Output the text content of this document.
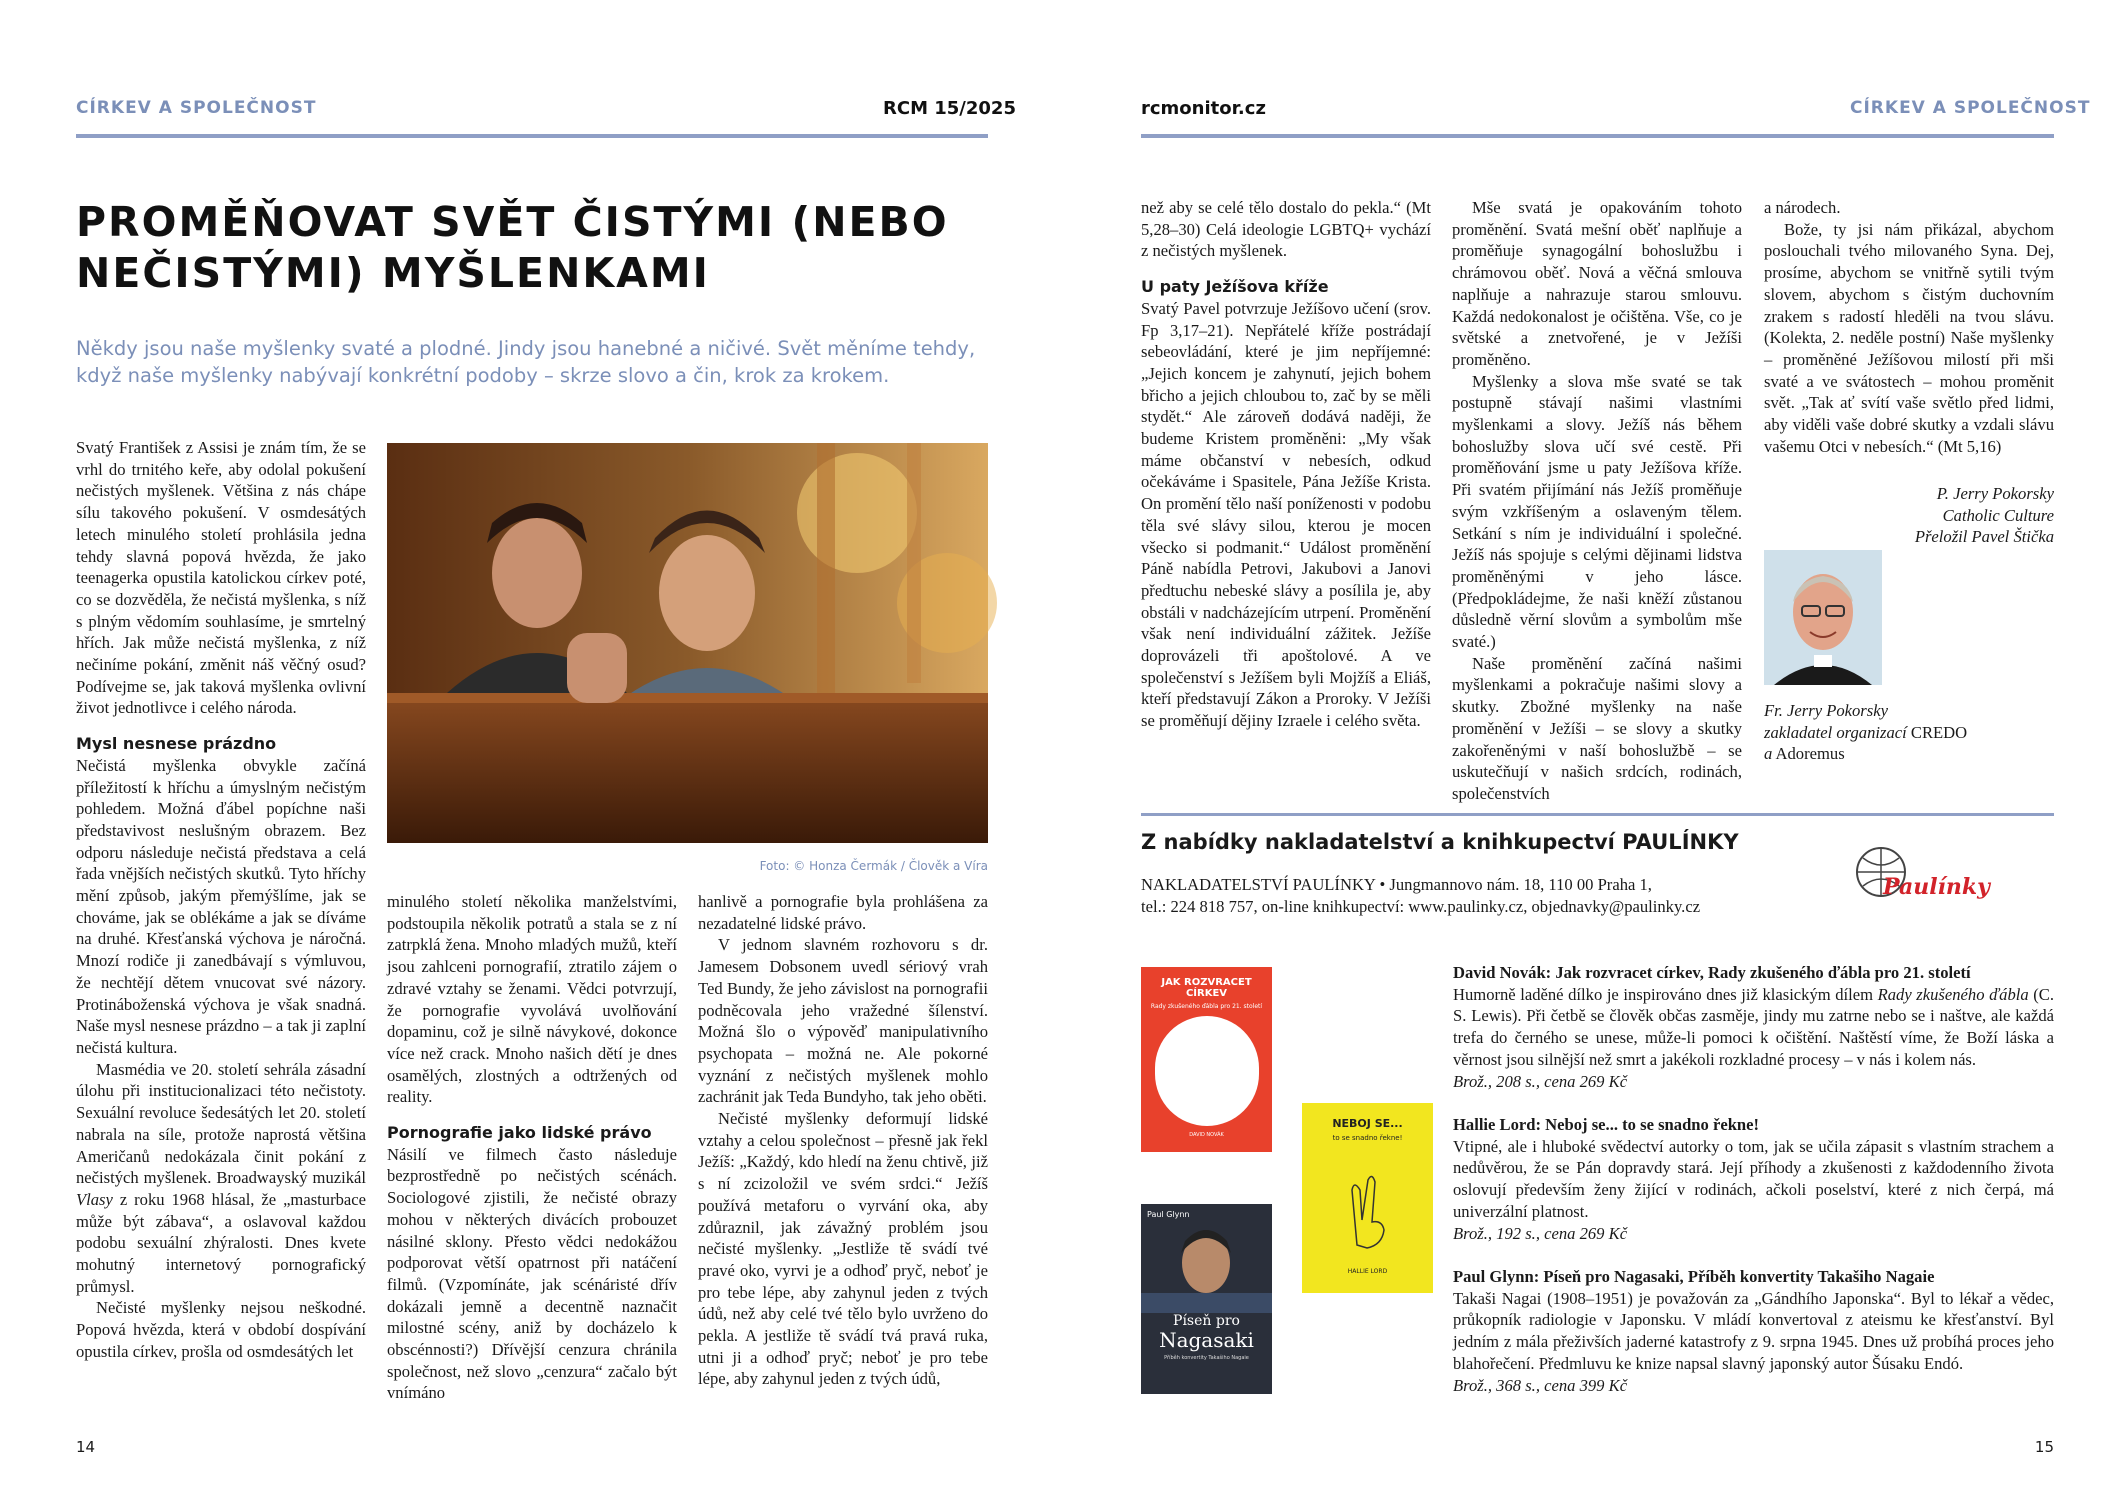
CÍRKEV A SPOLEČNOST	RCM 15/2025	rcmonitor.cz	CÍRKEV A SPOLEČNOST
PROMĚŇOVAT SVĚT ČISTÝMI (NEBO
NEČISTÝMI) MYŠLENKAMI
Někdy jsou naše myšlenky svaté a plodné. Jindy jsou hanebné a ničivé. Svět měníme tehdy, když naše myšlenky nabývají konkrétní podoby – skrze slovo a čin, krok za krokem.

Svatý František z Assisi je znám tím, že se vrhl do trnitého keře, aby odolal pokušení nečistých myšlenek. Většina z nás chápe sílu takového pokušení. V osmdesátých letech minulého století prohlásila jedna tehdy slavná popová hvězda, že jako teenagerka opustila katolickou církev poté, co se dozvěděla, že nečistá myšlenka, s níž s plným vědomím souhlasíme, je smrtelný hřích. Jak může nečistá myšlenka, z níž nečiníme pokání, změnit náš věčný osud? Podívejme se, jak taková myšlenka ovlivní život jednotlivce i celého národa.

Mysl nesnese prázdno

Nečistá myšlenka obvykle začíná příležitostí k hříchu a úmyslným nečistým pohledem. Možná ďábel popíchne naši představivost neslušným obrazem. Bez odporu následuje nečistá představa a celá řada vnějších nečistých skutků. Tyto hříchy mění způsob, jakým přemýšlíme, jak se chováme, jak se oblékáme a jak se díváme na druhé. Křesťanská výchova je náročná. Mnozí rodiče ji zanedbávají s výmluvou, že nechtějí dětem vnucovat své názory. Protináboženská výchova je však snadná. Naše mysl nesnese prázdno – a tak ji zaplní nečistá kultura.

Masmédia ve 20. století sehrála zásadní úlohu při institucionalizaci této nečistoty. Sexuální revoluce šedesátých let 20. století nabrala na síle, protože naprostá většina Američanů nedokázala činit pokání z nečistých myšlenek. Broadwayský muzikál Vlasy z roku 1968 hlásal, že „masturbace může být zábava“, a oslavoval každou podobu sexuální zhýralosti. Dnes kvete mohutný internetový pornografický průmysl.

Nečisté myšlenky nejsou neškodné. Popová hvězda, která v období dospívání opustila církev, prošla od osmdesátých let

Foto: © Honza Čermák / Člověk a Víra

minulého století několika manželstvími, podstoupila několik potratů a stala se z ní zatrpklá žena. Mnoho mladých mužů, kteří jsou zahlceni pornografií, ztratilo zájem o zdravé vztahy se ženami. Vědci potvrzují, že pornografie vyvolává uvolňování dopaminu, což je silně návykové, dokonce více než crack. Mnoho našich dětí je dnes osamělých, zlostných a odtržených od reality.

Pornografie jako lidské právo

Násilí ve filmech často následuje bezprostředně po nečistých scénách. Sociologové zjistili, že nečisté obrazy mohou v některých divácích probouzet násilné sklony. Přesto vědci nedokážou podporovat větší opatrnost při natáčení filmů. (Vzpomínáte, jak scénáristé dřív dokázali jemně a decentně naznačit milostné scény, aniž by docházelo k obscénnosti?) Dřívější cenzura chránila společnost, než slovo „cenzura“ začalo být vnímáno

hanlivě a pornografie byla prohlášena za nezadatelné lidské právo.

V jednom slavném rozhovoru s dr. Jamesem Dobsonem uvedl sériový vrah Ted Bundy, že jeho závislost na pornografii podněcovala jeho vražedné šílenství. Možná šlo o výpověď manipulativního psychopata – možná ne. Ale pokorné vyznání z nečistých myšlenek mohlo zachránit jak Teda Bundyho, tak jeho oběti.

Nečisté myšlenky deformují lidské vztahy a celou společnost – přesně jak řekl Ježíš: „Každý, kdo hledí na ženu chtivě, již s ní zcizoložil ve svém srdci.“ Ježíš používá metaforu o vyrvání oka, aby zdůraznil, jak závažný problém jsou nečisté myšlenky. „Jestliže tě svádí tvé pravé oko, vyrvi je a odhoď pryč, neboť je pro tebe lépe, aby zahynul jeden z tvých údů, než aby celé tvé tělo bylo uvrženo do pekla. A jestliže tě svádí tvá pravá ruka, utni ji a odhoď pryč; neboť je pro tebe lépe, aby zahynul jeden z tvých údů,

než aby se celé tělo dostalo do pekla.“ (Mt 5,28–30) Celá ideologie LGBTQ+ vychází z nečistých myšlenek.

U paty Ježíšova kříže

Svatý Pavel potvrzuje Ježíšovo učení (srov. Fp 3,17–21). Nepřátelé kříže postrádají sebeovládání, které je jim nepříjemné: „Jejich koncem je zahynutí, jejich bohem břicho a jejich chloubou to, zač by se měli stydět.“ Ale zároveň dodává naději, že budeme Kristem proměněni: „My však máme občanství v nebesích, odkud očekáváme i Spasitele, Pána Ježíše Krista. On promění tělo naší poníženosti v podobu těla své slávy silou, kterou je mocen všecko si podmanit.“ Událost proměnění Páně nabídla Petrovi, Jakubovi a Janovi předtuchu nebeské slávy a posílila je, aby obstáli v nadcházejícím utrpení. Proměnění však není individuální zážitek. Ježíše doprovázeli tři apoštolové. A ve společenství s Ježíšem byli Mojžíš a Eliáš, kteří představují Zákon a Proroky. V Ježíši se proměňují dějiny Izraele i celého světa.

Mše svatá je opakováním tohoto proměnění. Svatá mešní oběť naplňuje a proměňuje synagogální bohoslužbu i chrámovou oběť. Nová a věčná smlouva naplňuje a nahrazuje starou smlouvu. Každá nedokonalost je očištěna. Vše, co je světské a znetvořené, je v Ježíši proměněno.

Myšlenky a slova mše svaté se tak postupně stávají našimi vlastními myšlenkami a slovy. Ježíš nás během bohoslužby slova učí své cestě. Při proměňování jsme u paty Ježíšova kříže. Při svatém přijímání nás Ježíš proměňuje svým vzkříšeným a oslaveným tělem. Setkání s ním je individuální i společné. Ježíš nás spojuje s celými dějinami lidstva proměněnými v jeho lásce. (Předpokládejme, že naši kněží zůstanou důsledně věrní slovům a symbolům mše svaté.)

Naše proměnění začíná našimi myšlenkami a pokračuje našimi slovy a skutky. Zbožné myšlenky na naše proměnění v Ježíši – se slovy a skutky zakořeněnými v naší bohoslužbě – se uskutečňují v našich srdcích, rodinách, společenstvích

a národech.

Bože, ty jsi nám přikázal, abychom poslouchali tvého milovaného Syna. Dej, prosíme, abychom se vnitřně sytili tvým slovem, abychom s čistým duchovním zrakem s radostí hleděli na tvou slávu. (Kolekta, 2. neděle postní) Naše myšlenky – proměněné Ježíšovou milostí při mši svaté a ve svátostech – mohou proměnit svět. „Tak ať svítí vaše světlo před lidmi, aby viděli vaše dobré skutky a vzdali slávu vašemu Otci v nebesích.“ (Mt 5,16)

P. Jerry Pokorsky
Catholic Culture
Přeložil Pavel Štička
Fr. Jerry Pokorsky
zakladatel organizací CREDO
a Adoremus
Z nabídky nakladatelství a knihkupectví PAULÍNKY
NAKLADATELSTVÍ PAULÍNKY • Jungmannovo nám. 18, 110 00 Praha 1,
tel.: 224 818 757, on-line knihkupectví: www.paulinky.cz, objednavky@paulinky.cz
Paulínky
JAK ROZVRACET CÍRKEV
Rady zkušeného ďábla pro 21. století
DAVID NOVÁK
NEBOJ SE...
to se snadno řekne!
HALLIE LORD
Paul Glynn
Píseň pro
Nagasaki
Příběh konvertity Takašiho Nagaie
David Novák: Jak rozvracet církev, Rady zkušeného ďábla pro 21. století
Humorně laděné dílko je inspirováno dnes již klasickým dílem Rady zkušeného ďábla (C. S. Lewis). Při četbě se člověk občas zasměje, jindy mu zatrne nebo se i naštve, ale každá trefa do černého se unese, může-li pomoci k očištění. Naštěstí víme, že Boží láska a věrnost jsou silnější než smrt a jakékoli rozkladné procesy – v nás i kolem nás.
Brož., 208 s., cena 269 Kč
Hallie Lord: Neboj se... to se snadno řekne!
Vtipné, ale i hluboké svědectví autorky o tom, jak se učila zápasit s vlastním strachem a nedůvěrou, že se Pán dopravdy stará. Její příhody a zkušenosti z každodenního života oslovují především ženy žijící v rodinách, ačkoli poselství, které z nich čerpá, má univerzální platnost.
Brož., 192 s., cena 269 Kč
Paul Glynn: Píseň pro Nagasaki, Příběh konvertity Takašiho Nagaie
Takaši Nagai (1908–1951) je považován za „Gándhího Japonska“. Byl to lékař a vědec, průkopník radiologie v Japonsku. V mládí konvertoval z ateismu ke křesťanství. Byl jedním z mála přeživších jaderné katastrofy z 9. srpna 1945. Dnes už probíhá proces jeho blahořečení. Předmluvu ke knize napsal slavný japonský autor Šúsaku Endó.
Brož., 368 s., cena 399 Kč
14	15
